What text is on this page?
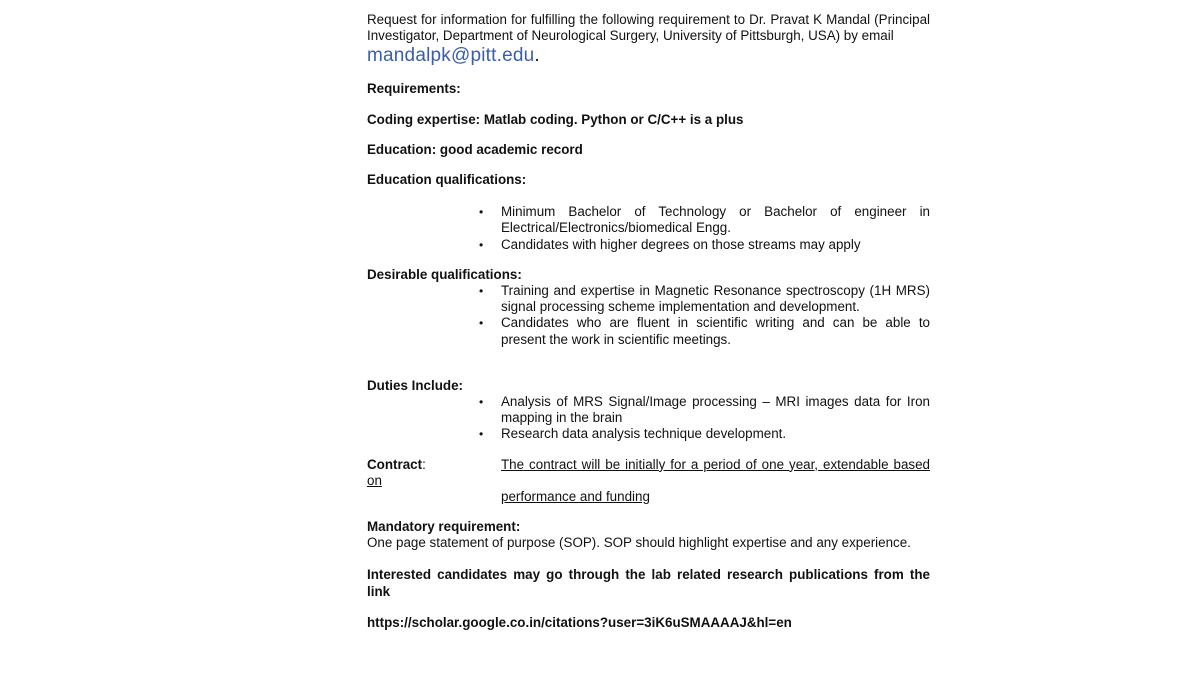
Request for information for fulfilling the following requirement to Dr. Pravat K Mandal (Principal Investigator, Department of Neurological Surgery, University of Pittsburgh, USA) by email
mandalpk@pitt.edu.
Requirements:
Coding expertise: Matlab coding. Python or C/C++ is a plus
Education: good academic record
Education qualifications:
• Minimum Bachelor of Technology or Bachelor of engineer in Electrical/Electronics/biomedical Engg.
• Candidates with higher degrees on those streams may apply
Desirable qualifications:
• Training and expertise in Magnetic Resonance spectroscopy (1H MRS) signal processing scheme implementation and development.
• Candidates who are fluent in scientific writing and can be able to present the work in scientific meetings.
Duties Include:
• Analysis of MRS Signal/Image processing – MRI images data for Iron mapping in the brain
• Research data analysis technique development.
Contract:	The contract will be initially for a period of one year, extendable based
on
performance and funding
Mandatory requirement:
One page statement of purpose (SOP). SOP should highlight expertise and any experience.
Interested candidates may go through the lab related research publications from the link
https://scholar.google.co.in/citations?user=3iK6uSMAAAAJ&hl=en
